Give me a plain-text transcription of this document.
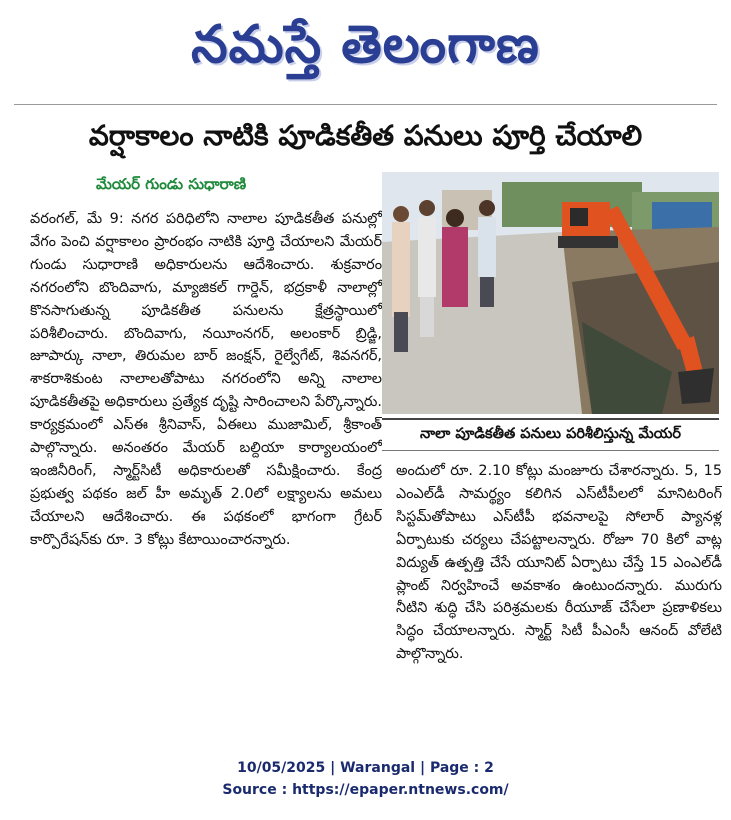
నమస్తే తెలంగాణ
వర్షాకాలం నాటికి పూడికతీత పనులు పూర్తి చేయాలి
మేయర్ గుండు సుధారాణి
వరంగల్, మే 9: నగర పరిధిలోని నాలాల పూడికతీత పనుల్లో వేగం పెంచి వర్షాకాలం ప్రారంభం నాటికి పూర్తి చేయాలని మేయర్ గుండు సుధారాణి అధికారులను ఆదేశించారు. శుక్రవారం నగరంలోని బొందివాగు, మ్యాజికల్ గార్డెన్, భద్రకాళీ నాలాల్లో కొనసాగుతున్న పూడికతీత పనులను క్షేత్రస్థాయిలో పరిశీలించారు. బొందివాగు, నయీంనగర్, అలంకార్ బ్రిడ్జి, జూపార్కు నాలా, తిరుమల బార్ జంక్షన్, రైల్వేగేట్, శివనగర్, శాకరాశికుంట నాలాలతోపాటు నగరంలోని అన్ని నాలాల పూడికతీతపై అధికారులు ప్రత్యేక దృష్టి సారించాలని పేర్కొన్నారు. కార్యక్రమంలో ఎస్ఈ శ్రీనివాస్, ఏఈలు ముజామిల్, శ్రీకాంత్ పాల్గొన్నారు. అనంతరం మేయర్ బల్దియా కార్యాలయంలో ఇంజినీరింగ్, స్మార్ట్‌సిటీ అధికారులతో సమీక్షించారు. కేంద్ర ప్రభుత్వ పథకం జల్ హీ అమృత్ 2.0లో లక్ష్యాలను అమలు చేయాలని ఆదేశించారు. ఈ పథకంలో భాగంగా గ్రేటర్ కార్పొరేషన్‌కు రూ. 3 కోట్లు కేటాయించారన్నారు.
నాలా పూడికతీత పనులు పరిశీలిస్తున్న మేయర్
అందులో రూ. 2.10 కోట్లు మంజూరు చేశారన్నారు. 5, 15 ఎంఎల్‌డీ సామర్థ్యం కలిగిన ఎస్‌టీపీలలో మానిటరింగ్ సిస్టమ్‌తోపాటు ఎస్‌టీపీ భవనాలపై సోలార్ ప్యానళ్ల ఏర్పాటుకు చర్యలు చేపట్టాలన్నారు. రోజూ 70 కిలో వాట్ల విద్యుత్ ఉత్పత్తి చేసే యూనిట్ ఏర్పాటు చేస్తే 15 ఎంఎల్‌డీ ప్లాంట్ నిర్వహించే అవకాశం ఉంటుందన్నారు. మురుగు నీటిని శుద్ధి చేసి పరిశ్రమలకు రీయూజ్ చేసేలా ప్రణాళికలు సిద్ధం చేయాలన్నారు. స్మార్ట్ సిటీ పీఎంసీ ఆనంద్ వోలేటి పాల్గొన్నారు.
10/05/2025 | Warangal | Page : 2
Source : https://epaper.ntnews.com/
